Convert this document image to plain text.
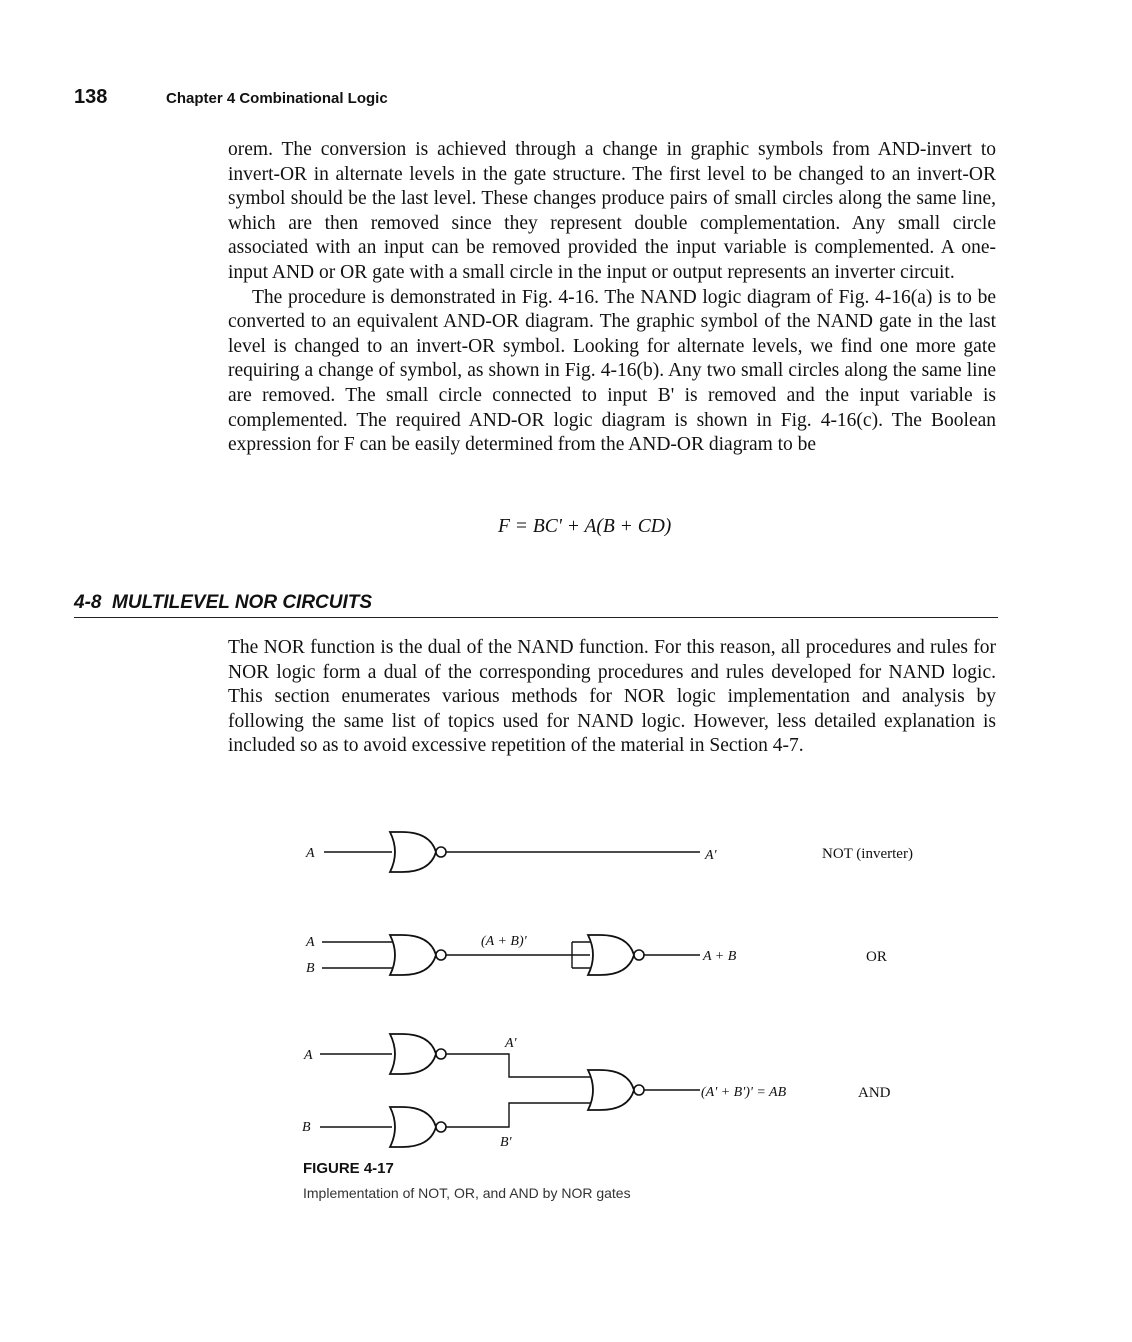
138	Chapter 4 Combinational Logic

orem. The conversion is achieved through a change in graphic symbols from AND-invert to invert-OR in alternate levels in the gate structure. The first level to be changed to an invert-OR symbol should be the last level. These changes produce pairs of small circles along the same line, which are then removed since they represent double complementation. Any small circle associated with an input can be removed provided the input variable is complemented. A one-input AND or OR gate with a small circle in the input or output represents an inverter circuit.

The procedure is demonstrated in Fig. 4-16. The NAND logic diagram of Fig. 4-16(a) is to be converted to an equivalent AND-OR diagram. The graphic symbol of the NAND gate in the last level is changed to an invert-OR symbol. Looking for alternate levels, we find one more gate requiring a change of symbol, as shown in Fig. 4-16(b). Any two small circles along the same line are removed. The small circle connected to input B' is removed and the input variable is complemented. The required AND-OR logic diagram is shown in Fig. 4-16(c). The Boolean expression for F can be easily determined from the AND-OR diagram to be

F = BC' + A(B + CD)
4-8  MULTILEVEL NOR CIRCUITS

The NOR function is the dual of the NAND function. For this reason, all procedures and rules for NOR logic form a dual of the corresponding procedures and rules developed for NAND logic. This section enumerates various methods for NOR logic implementation and analysis by following the same list of topics used for NAND logic. However, less detailed explanation is included so as to avoid excessive repetition of the material in Section 4-7.

A	A'	NOT (inverter)
A
B
(A + B)'
A + B	OR
A
B
A'
B'
(A' + B')' = AB	AND
FIGURE 4-17
Implementation of NOT, OR, and AND by NOR gates
